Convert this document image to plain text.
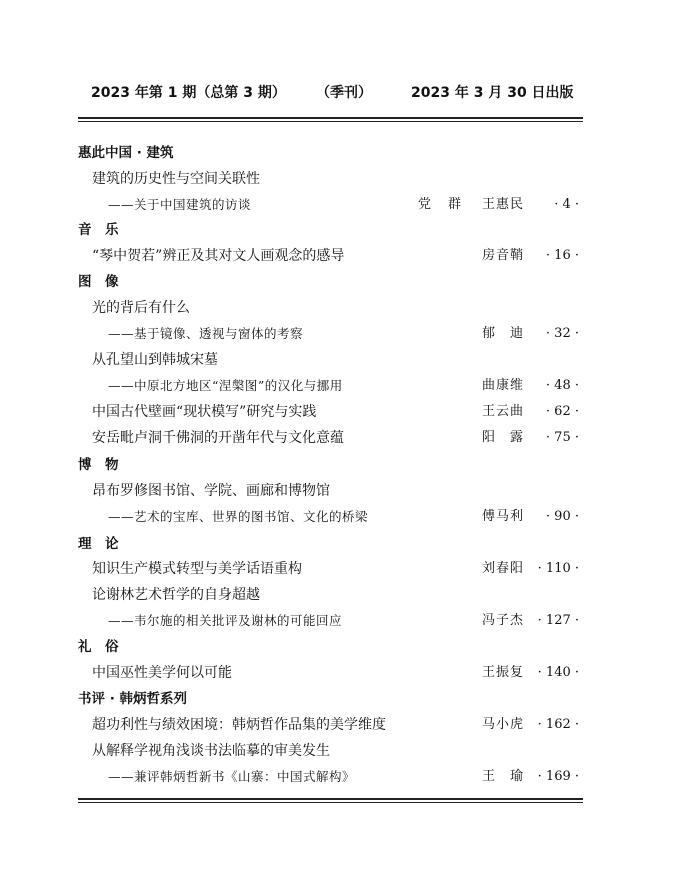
2023 年第 1 期（总第 3 期） （季刊）	2023 年 3 月 30 日出版
惠此中国 · 建筑
建筑的历史性与空间关联性
——关于中国建筑的访谈	党　群 王惠民 · 4 ·
音　乐
“琴中贺若”辨正及其对文人画观念的感导	房音鞘 · 16 ·
图　像
光的背后有什么
——基于镜像、透视与窗体的考察	郁　迪 · 32 ·
从孔望山到韩城宋墓
——中原北方地区“涅槃图”的汉化与挪用	曲康维 · 48 ·
中国古代壁画“现状模写”研究与实践	王云曲 · 62 ·
安岳毗卢洞千佛洞的开凿年代与文化意蕴	阳　露 · 75 ·
博　物
昂布罗修图书馆、学院、画廊和博物馆
——艺术的宝库、世界的图书馆、文化的桥梁	傅马利 · 90 ·
理　论
知识生产模式转型与美学话语重构	刘春阳 · 110 ·
论谢林艺术哲学的自身超越
——韦尔施的相关批评及谢林的可能回应	冯子杰 · 127 ·
礼　俗
中国巫性美学何以可能	王振复 · 140 ·
书评 · 韩炳哲系列
超功利性与绩效困境：韩炳哲作品集的美学维度	马小虎 · 162 ·
从解释学视角浅谈书法临摹的审美发生
——兼评韩炳哲新书《山寨：中国式解构》	王　瑜 · 169 ·
